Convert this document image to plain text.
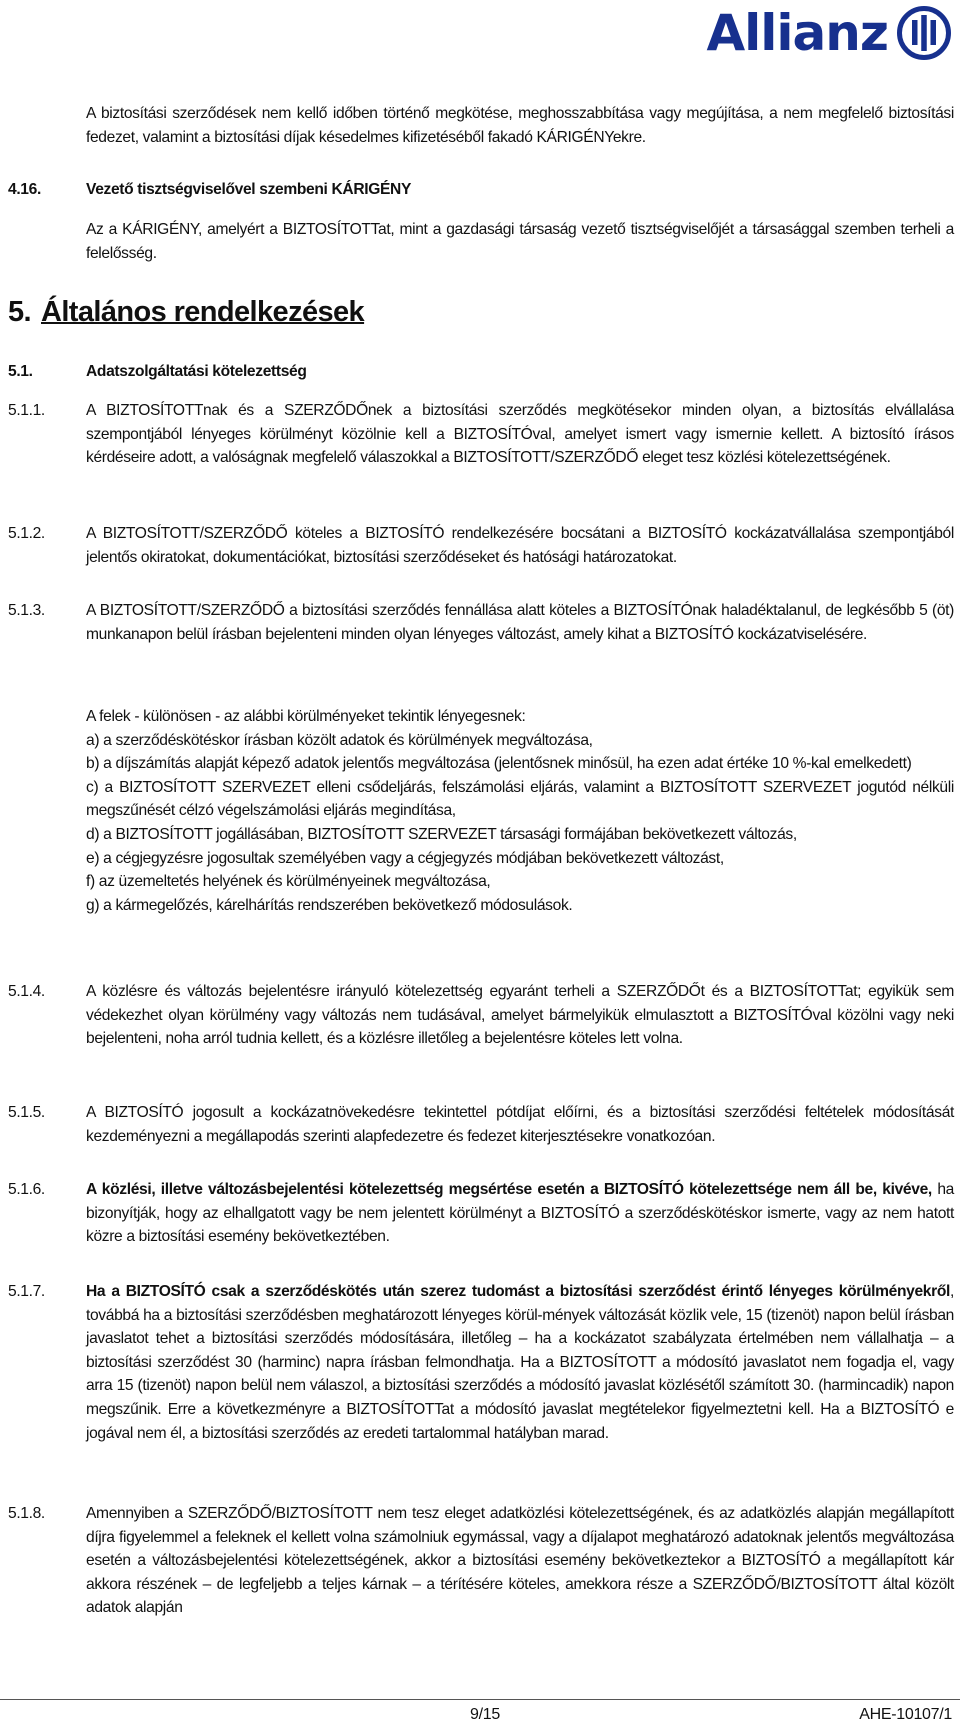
Allianz

A biztosítási szerződések nem kellő időben történő megkötése, meghosszabbítása vagy megújítása, a nem megfelelő biztosítási fedezet, valamint a biztosítási díjak késedelmes kifizetéséből fakadó KÁRIGÉNYekre.

4.16.	Vezető tisztségviselővel szembeni KÁRIGÉNY

Az a KÁRIGÉNY, amelyért a BIZTOSÍTOTTat, mint a gazdasági társaság vezető tisztségviselőjét a társasággal szemben terheli a felelősség.

5. Általános rendelkezések
5.1.	Adatszolgáltatási kötelezettség
5.1.1.	A BIZTOSÍTOTTnak és a SZERZŐDŐnek a biztosítási szerződés megkötésekor minden olyan, a biztosítás elvállalása szempontjából lényeges körülményt közölnie kell a BIZTOSÍTÓval, amelyet ismert vagy ismernie kellett. A biztosító írásos kérdéseire adott, a valóságnak megfelelő válaszokkal a BIZTOSÍTOTT/SZERZŐDŐ eleget tesz közlési kötelezettségének.

5.1.2.	A BIZTOSÍTOTT/SZERZŐDŐ köteles a BIZTOSÍTÓ rendelkezésére bocsátani a BIZTOSÍTÓ kockázatvállalása szempontjából jelentős okiratokat, dokumentációkat, biztosítási szerződéseket és hatósági határozatokat.

5.1.3.	A BIZTOSÍTOTT/SZERZŐDŐ a biztosítási szerződés fennállása alatt köteles a BIZTOSÍTÓnak haladéktalanul, de legkésőbb 5 (öt) munkanapon belül írásban bejelenteni minden olyan lényeges változást, amely kihat a BIZTOSÍTÓ kockázatviselésére.

A felek - különösen - az alábbi körülményeket tekintik lényegesnek:

a) a szerződéskötéskor írásban közölt adatok és körülmények megváltozása,

b) a díjszámítás alapját képező adatok jelentős megváltozása (jelentősnek minősül, ha ezen adat értéke 10 %-kal emelkedett)

c) a BIZTOSÍTOTT SZERVEZET elleni csődeljárás, felszámolási eljárás, valamint a BIZTOSÍTOTT SZERVEZET jogutód nélküli megszűnését célzó végelszámolási eljárás megindítása,

d) a BIZTOSÍTOTT jogállásában, BIZTOSÍTOTT SZERVEZET társasági formájában bekövetkezett változás,

e) a cégjegyzésre jogosultak személyében vagy a cégjegyzés módjában bekövetkezett változást,

f) az üzemeltetés helyének és körülményeinek megváltozása,

g) a kármegelőzés, kárelhárítás rendszerében bekövetkező módosulások.

5.1.4.	A közlésre és változás bejelentésre irányuló kötelezettség egyaránt terheli a SZERZŐDŐt és a BIZTOSÍTOTTat; egyikük sem védekezhet olyan körülmény vagy változás nem tudásával, amelyet bármelyikük elmulasztott a BIZTOSÍTÓval közölni vagy neki bejelenteni, noha arról tudnia kellett, és a közlésre illetőleg a bejelentésre köteles lett volna.

5.1.5.	A BIZTOSÍTÓ jogosult a kockázatnövekedésre tekintettel pótdíjat előírni, és a biztosítási szerződési feltételek módosítását kezdeményezni a megállapodás szerinti alapfedezetre és fedezet kiterjesztésekre vonatkozóan.

5.1.6.	A közlési, illetve változásbejelentési kötelezettség megsértése esetén a BIZTOSÍTÓ kötelezettsége nem áll be, kivéve, ha bizonyítják, hogy az elhallgatott vagy be nem jelentett körülményt a BIZTOSÍTÓ a szerződéskötéskor ismerte, vagy az nem hatott közre a biztosítási esemény bekövetkeztében.

5.1.7.	Ha a BIZTOSÍTÓ csak a szerződéskötés után szerez tudomást a biztosítási szerződést érintő lényeges körülményekről, továbbá ha a biztosítási szerződésben meghatározott lényeges körül-mények változását közlik vele, 15 (tizenöt) napon belül írásban javaslatot tehet a biztosítási szerződés módosítására, illetőleg – ha a kockázatot szabályzata értelmében nem vállalhatja – a biztosítási szerződést 30 (harminc) napra írásban felmondhatja. Ha a BIZTOSÍTOTT a módosító javaslatot nem fogadja el, vagy arra 15 (tizenöt) napon belül nem válaszol, a biztosítási szerződés a módosító javaslat közlésétől számított 30. (harmincadik) napon megszűnik. Erre a következményre a BIZTOSÍTOTTat a módosító javaslat megtételekor figyelmeztetni kell. Ha a BIZTOSÍTÓ e jogával nem él, a biztosítási szerződés az eredeti tartalommal hatályban marad.

5.1.8.	Amennyiben a SZERZŐDŐ/BIZTOSÍTOTT nem tesz eleget adatközlési kötelezettségének, és az adatközlés alapján megállapított díjra figyelemmel a feleknek el kellett volna számolniuk egymással, vagy a díjalapot meghatározó adatoknak jelentős megváltozása esetén a változásbejelentési kötelezettségének, akkor a biztosítási esemény bekövetkeztekor a BIZTOSÍTÓ a megállapított kár akkora részének – de legfeljebb a teljes kárnak – a térítésére köteles, amekkora része a SZERZŐDŐ/BIZTOSÍTOTT által közölt adatok alapján

9/15	AHE-10107/1
